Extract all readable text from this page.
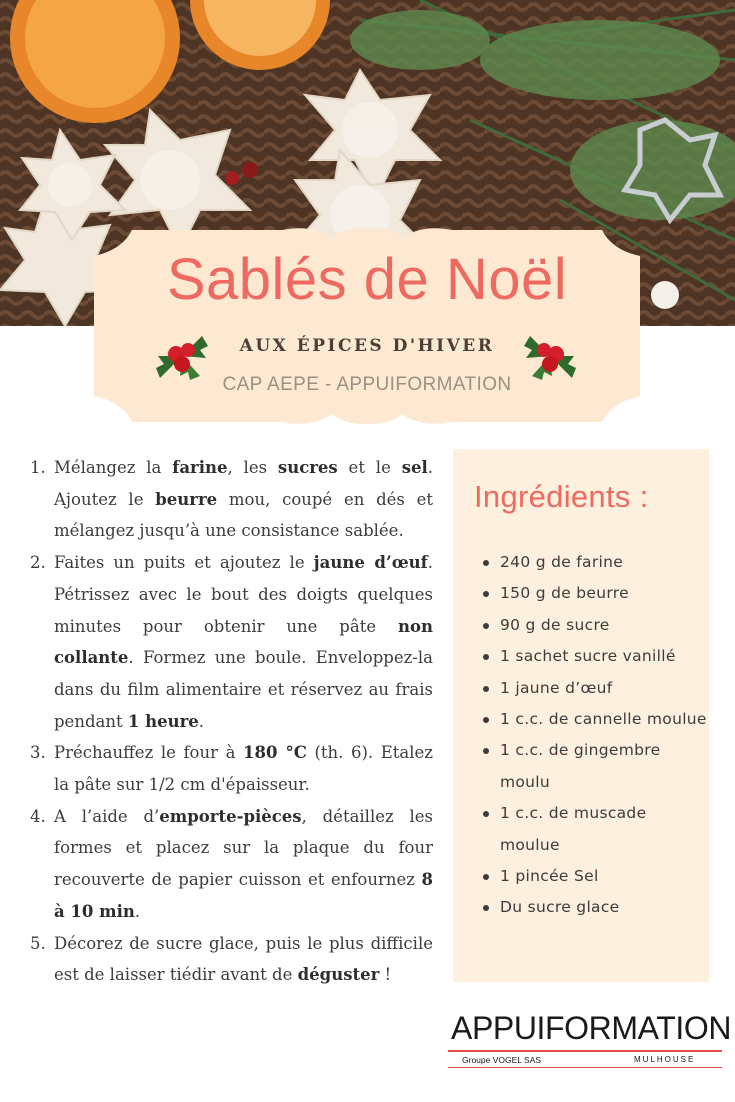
Sablés de Noël
AUX ÉPICES D'HIVER
CAP AEPE - APPUIFORMATION
1. Mélangez la farine, les sucres et le sel. Ajoutez le beurre mou, coupé en dés et mélangez jusqu’à une consistance sablée.
2. Faites un puits et ajoutez le jaune d’œuf. Pétrissez avec le bout des doigts quelques minutes pour obtenir une pâte non collante. Formez une boule. Enveloppez-la dans du film alimentaire et réservez au frais pendant 1 heure.
3. Préchauffez le four à 180 °C (th. 6). Etalez la pâte sur 1/2 cm d'épaisseur.
4. A l’aide d’emporte-pièces, détaillez les formes et placez sur la plaque du four recouverte de papier cuisson et enfournez 8 à 10 min.
5. Décorez de sucre glace, puis le plus difficile est de laisser tiédir avant de déguster !
Ingrédients :
240 g de farine
150 g de beurre
90 g de sucre
1 sachet sucre vanillé
1 jaune d’œuf
1 c.c. de cannelle moulue
1 c.c. de gingembre moulu
1 c.c. de muscade moulue
1 pincée Sel
Du sucre glace
APPUIFORMATION
Groupe VOGEL SAS	MULHOUSE
